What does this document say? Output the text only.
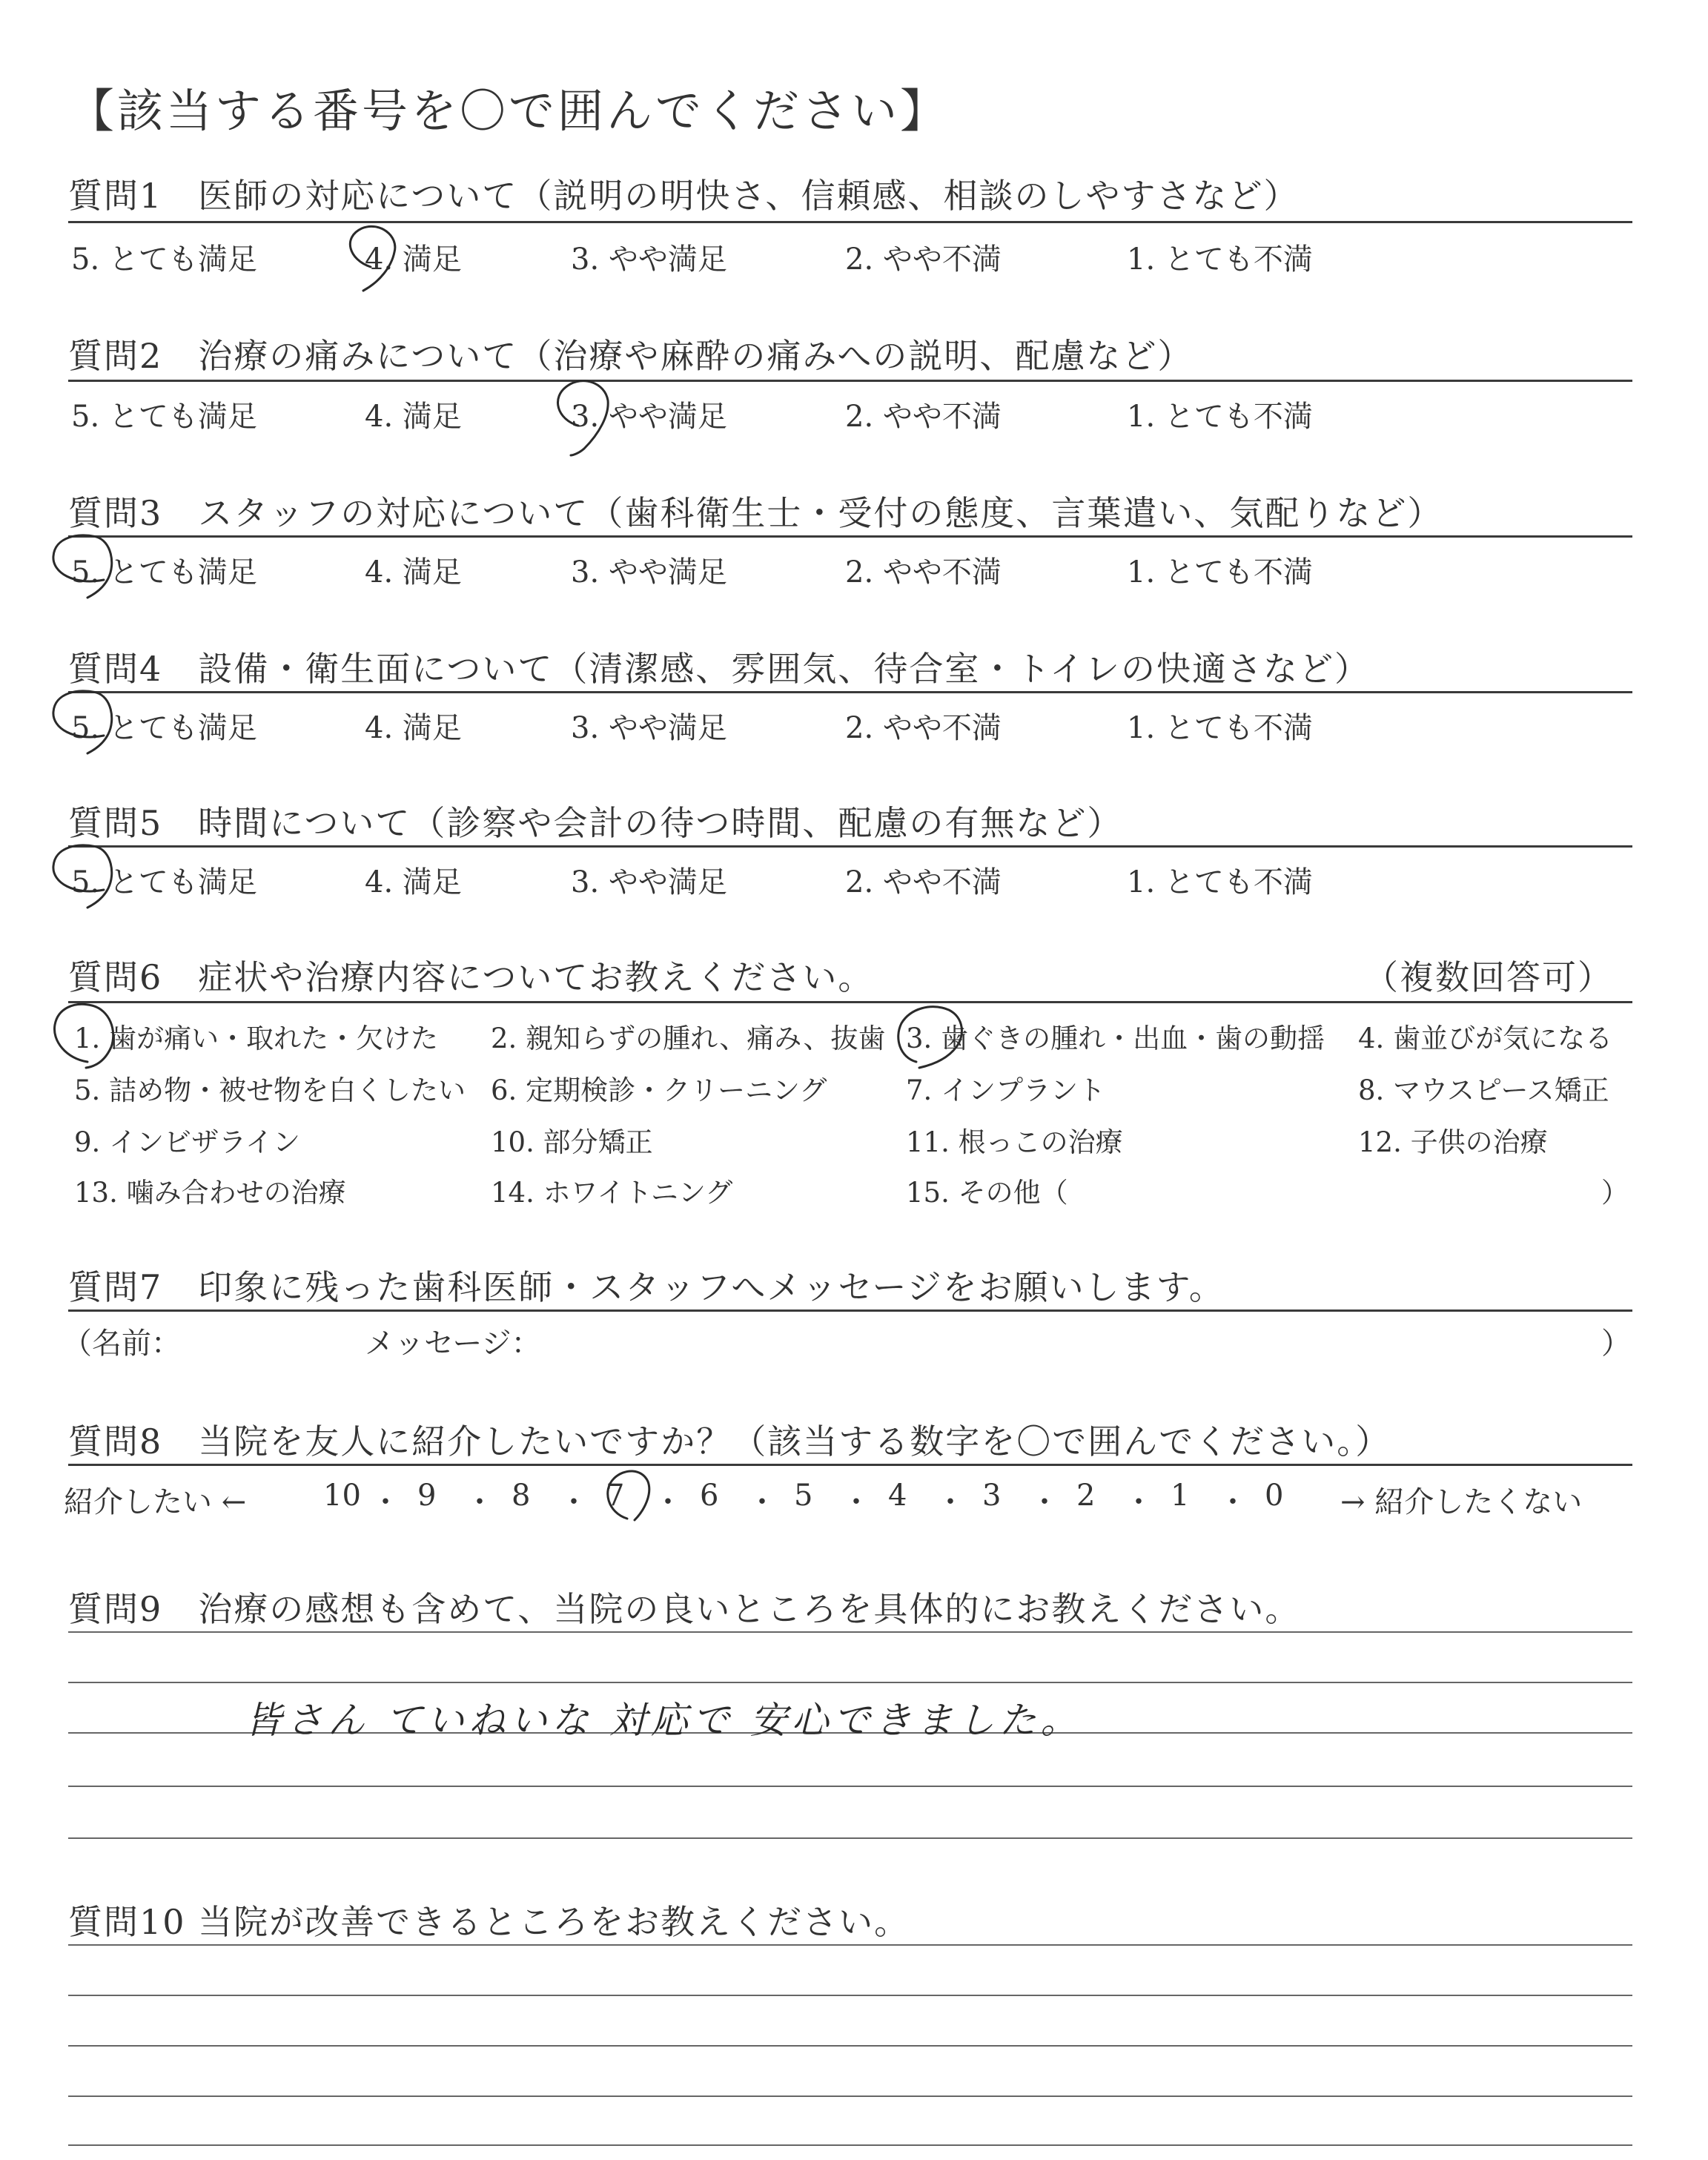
【該当する番号を〇で囲んでください】
質問1　医師の対応について（説明の明快さ、信頼感、相談のしやすさなど）
5. とても満足	4. 満足	3. やや満足	2. やや不満	1. とても不満
質問2　治療の痛みについて（治療や麻酔の痛みへの説明、配慮など）
5. とても満足	4. 満足	3. やや満足	2. やや不満	1. とても不満
質問3　スタッフの対応について（歯科衛生士・受付の態度、言葉遣い、気配りなど）
5. とても満足	4. 満足	3. やや満足	2. やや不満	1. とても不満
質問4　設備・衛生面について（清潔感、雰囲気、待合室・トイレの快適さなど）
5. とても満足	4. 満足	3. やや満足	2. やや不満	1. とても不満
質問5　時間について（診察や会計の待つ時間、配慮の有無など）
5. とても満足	4. 満足	3. やや満足	2. やや不満	1. とても不満
質問6　症状や治療内容についてお教えください。	（複数回答可）
1. 歯が痛い・取れた・欠けた 2. 親知らずの腫れ、痛み、抜歯 3. 歯ぐきの腫れ・出血・歯の動揺 4. 歯並びが気になる
5. 詰め物・被せ物を白くしたい 6. 定期検診・クリーニング	7. インプラント	8. マウスピース矯正
9. インビザライン	10. 部分矯正	11. 根っこの治療	12. 子供の治療
13. 噛み合わせの治療	14. ホワイトニング	15. その他（	）
質問7　印象に残った歯科医師・スタッフへメッセージをお願いします。
（名前：	メッセージ：	）
質問8　当院を友人に紹介したいですか？（該当する数字を〇で囲んでください。）
紹介したい ←	10 ・ 9 ・ 8 ・ 7 ・ 6 ・ 5 ・ 4 ・ 3 ・ 2 ・ 1 ・ 0 → 紹介したくない
質問9　治療の感想も含めて、当院の良いところを具体的にお教えください。
皆さん ていねいな 対応で 安心できました。
質問10 当院が改善できるところをお教えください。
